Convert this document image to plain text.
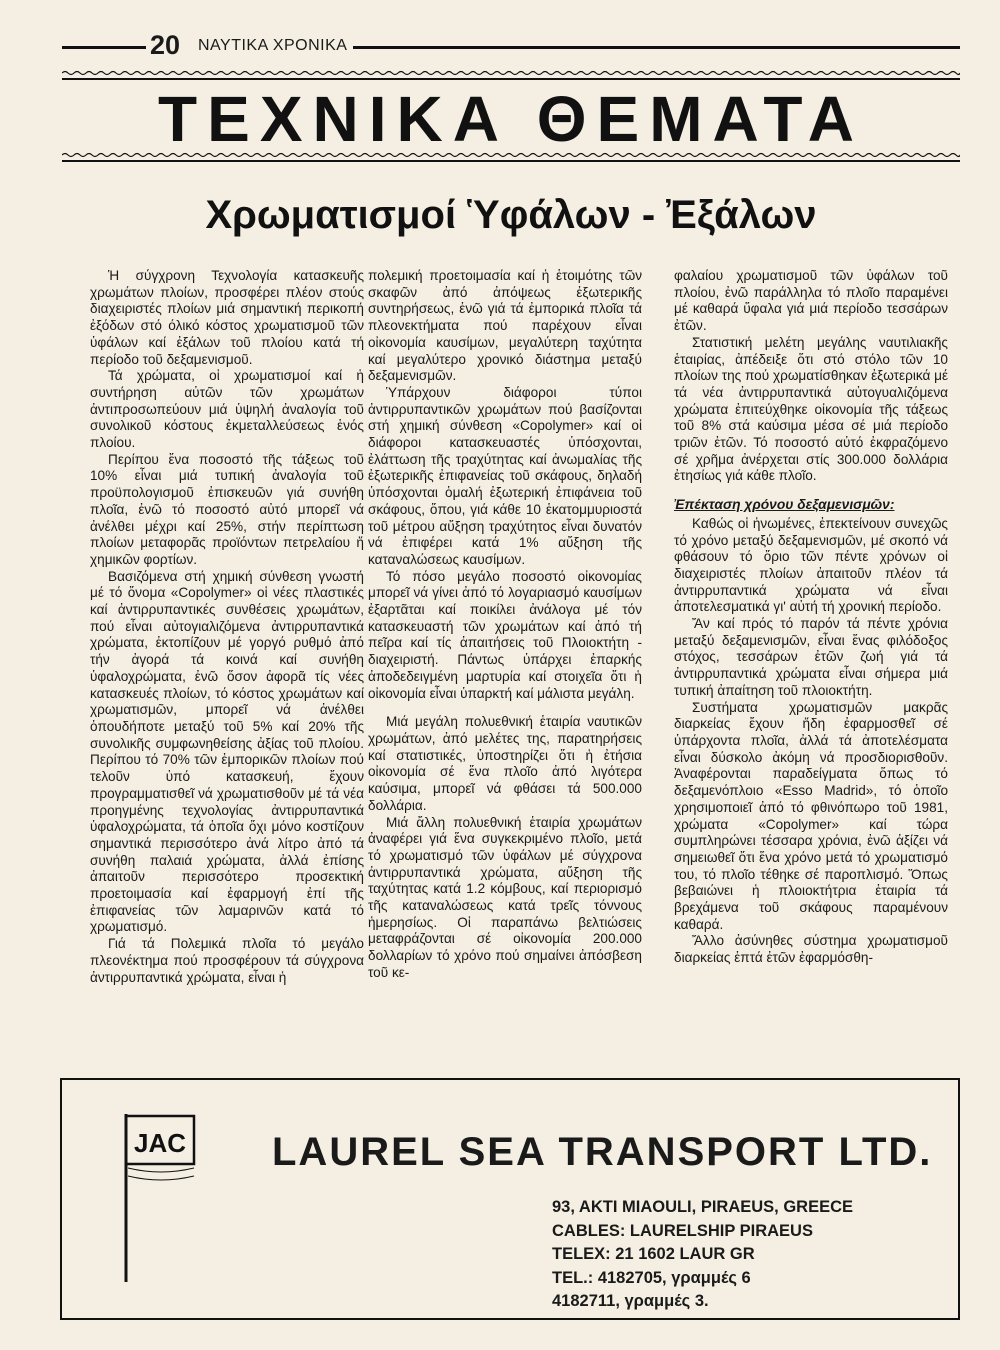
20	ΝΑΥΤΙΚΑ ΧΡΟΝΙΚΑ
ΤΕΧΝΙΚΑ ΘΕΜΑΤΑ
Χρωματισμοί Ὑφάλων - Ἐξάλων

Ἡ σύγχρονη Τεχνολογία κατασκευῆς χρωμάτων πλοίων, προσφέρει πλέον στούς διαχειριστές πλοίων μιά σημαντική περικοπή ἐξόδων στό όλικό κόστος χρωματισμοῦ τῶν ὑφάλων καί ἐξάλων τοῦ πλοίου κατά τή περίοδο τοῦ δεξαμενισμοῦ.

Τά χρώματα, οἱ χρωματισμοί καί ἡ συντήρηση αὐτῶν τῶν χρωμάτων ἀντιπροσωπεύουν μιά ὑψηλή ἀναλογία τοῦ συνολικοῦ κόστους ἐκμεταλλεύσεως ἑνός πλοίου.

Περίπου ἕνα ποσοστό τῆς τάξεως τοῦ 10% εἶναι μιά τυπική ἀναλογία τοῦ προϋπολογισμοῦ ἐπισκευῶν γιά συνήθη πλοῖα, ἐνῶ τό ποσοστό αὐτό μπορεῖ νά ἀνέλθει μέχρι καί 25%, στήν περίπτωση πλοίων μεταφορᾶς προϊόντων πετρελαίου ἤ χημικῶν φορτίων.

Βασιζόμενα στή χημική σύνθεση γνωστή μέ τό ὄνομα «Copolymer» οἱ νέες πλαστικές καί ἀντιρρυπαντικές συνθέσεις χρωμάτων, πού εἶναι αὐτογιαλιζόμενα ἀντιρρυπαντικά χρώματα, ἐκτοπίζουν μέ γοργό ρυθμό ἀπό τήν ἀγορά τά κοινά καί συνήθη ὑφαλοχρώματα, ἐνῶ ὅσον ἀφορᾶ τίς νέες κατασκευές πλοίων, τό κόστος χρωμάτων καί χρωματισμῶν, μπορεῖ νά ἀνέλθει ὁπουδήποτε μεταξύ τοῦ 5% καί 20% τῆς συνολικῆς συμφωνηθείσης ἀξίας τοῦ πλοίου. Περίπου τό 70% τῶν ἐμπορικῶν πλοίων πού τελοῦν ὑπό κατασκευή, ἔχουν προγραμματισθεῖ νά χρωματισθοῦν μέ τά νέα προηγμένης τεχνολογίας ἀντιρρυπαντικά ὑφαλοχρώματα, τά ὁποῖα ὄχι μόνο κοστίζουν σημαντικά περισσότερο ἀνά λίτρο ἀπό τά συνήθη παλαιά χρώματα, ἀλλά ἐπίσης ἀπαιτοῦν περισσότερο προσεκτική προετοιμασία καί ἐφαρμογή ἐπί τῆς ἐπιφανείας τῶν λαμαρινῶν κατά τό χρωματισμό.

Γιά τά Πολεμικά πλοῖα τό μεγάλο πλεονέκτημα πού προσφέρουν τά σύγχρονα ἀντιρρυπαντικά χρώματα, εἶναι ἡ

πολεμική προετοιμασία καί ἡ ἑτοιμότης τῶν σκαφῶν ἀπό ἀπόψεως ἐξωτερικῆς συντηρήσεως, ἐνῶ γιά τά ἐμπορικά πλοῖα τά πλεονεκτήματα πού παρέχουν εἶναι οἰκονομία καυσίμων, μεγαλύτερη ταχύτητα καί μεγαλύτερο χρονικό διάστημα μεταξύ δεξαμενισμῶν.

Ὑπάρχουν διάφοροι τύποι ἀντιρρυπαντικῶν χρωμάτων πού βασίζονται στή χημική σύνθεση «Copolymer» καί οἱ διάφοροι κατασκευαστές ὑπόσχονται, ἐλάττωση τῆς τραχύτητας καί ἀνωμαλίας τῆς ἐξωτερικῆς ἐπιφανείας τοῦ σκάφους, δηλαδή ὑπόσχονται ὁμαλή ἐξωτερική ἐπιφάνεια τοῦ σκάφους, ὅπου, γιά κάθε 10 ἑκατομμυριοστά τοῦ μέτρου αὔξηση τραχύτητος εἶναι δυνατόν νά ἐπιφέρει κατά 1% αὔξηση τῆς καταναλώσεως καυσίμων.

Τό πόσο μεγάλο ποσοστό οἰκονομίας μπορεῖ νά γίνει ἀπό τό λογαριασμό καυσίμων ἐξαρτᾶται καί ποικίλει ἀνάλογα μέ τόν κατασκευαστή τῶν χρωμάτων καί ἀπό τή πεῖρα καί τίς ἀπαιτήσεις τοῦ Πλοιοκτήτη - διαχειριστή. Πάντως ὑπάρχει ἐπαρκής ἀποδεδειγμένη μαρτυρία καί στοιχεῖα ὅτι ἡ οἰκονομία εἶναι ὑπαρκτή καί μάλιστα μεγάλη.

Μιά μεγάλη πολυεθνική ἑταιρία ναυτικῶν χρωμάτων, ἀπό μελέτες της, παρατηρήσεις καί στατιστικές, ὑποστηρίζει ὅτι ἡ ἐτήσια οἰκονομία σέ ἕνα πλοῖο ἀπό λιγότερα καύσιμα, μπορεῖ νά φθάσει τά 500.000 δολλάρια.

Μιά ἄλλη πολυεθνική ἑταιρία χρωμάτων ἀναφέρει γιά ἕνα συγκεκριμένο πλοῖο, μετά τό χρωματισμό τῶν ὑφάλων μέ σύγχρονα ἀντιρρυπαντικά χρώματα, αὔξηση τῆς ταχύτητας κατά 1.2 κόμβους, καί περιορισμό τῆς καταναλώσεως κατά τρεῖς τόννους ἡμερησίως. Οἱ παραπάνω βελτιώσεις μεταφράζονται σέ οἰκονομία 200.000 δολλαρίων τό χρόνο πού σημαίνει ἀπόσβεση τοῦ κε-

φαλαίου χρωματισμοῦ τῶν ὑφάλων τοῦ πλοίου, ἐνῶ παράλληλα τό πλοῖο παραμένει μέ καθαρά ὕφαλα γιά μιά περίοδο τεσσάρων ἐτῶν.

Στατιστική μελέτη μεγάλης ναυτιλιακῆς ἑταιρίας, ἀπέδειξε ὅτι στό στόλο τῶν 10 πλοίων της πού χρωματίσθηκαν ἐξωτερικά μέ τά νέα ἀντιρρυπαντικά αὐτογυαλιζόμενα χρώματα ἐπιτεύχθηκε οἰκονομία τῆς τάξεως τοῦ 8% στά καύσιμα μέσα σέ μιά περίοδο τριῶν ἐτῶν. Τό ποσοστό αὐτό ἐκφραζόμενο σέ χρῆμα ἀνέρχεται στίς 300.000 δολλάρια ἐτησίως γιά κάθε πλοῖο.

Ἐπέκταση χρόνου δεξαμενισμῶν:

Καθώς οἱ ἠνωμένες, ἐπεκτείνουν συνεχῶς τό χρόνο μεταξύ δεξαμενισμῶν, μέ σκοπό νά φθάσουν τό ὅριο τῶν πέντε χρόνων οἱ διαχειριστές πλοίων ἀπαιτοῦν πλέον τά ἀντιρρυπαντικά χρώματα νά εἶναι ἀποτελεσματικά γι' αὐτή τή χρονική περίοδο.

Ἄν καί πρός τό παρόν τά πέντε χρόνια μεταξύ δεξαμενισμῶν, εἶναι ἕνας φιλόδοξος στόχος, τεσσάρων ἐτῶν ζωή γιά τά ἀντιρρυπαντικά χρώματα εἶναι σήμερα μιά τυπική ἀπαίτηση τοῦ πλοιοκτήτη.

Συστήματα χρωματισμῶν μακρᾶς διαρκείας ἔχουν ἤδη ἐφαρμοσθεῖ σέ ὑπάρχοντα πλοῖα, ἀλλά τά ἀποτελέσματα εἶναι δύσκολο ἀκόμη νά προσδιορισθοῦν. Ἀναφέρονται παραδείγματα ὅπως τό δεξαμενόπλοιο «Esso Madrid», τό ὁποῖο χρησιμοποιεῖ ἀπό τό φθινόπωρο τοῦ 1981, χρώματα «Copolymer» καί τώρα συμπληρώνει τέσσαρα χρόνια, ἐνῶ ἀξίζει νά σημειωθεῖ ὅτι ἕνα χρόνο μετά τό χρωματισμό του, τό πλοῖο τέθηκε σέ παροπλισμό. Ὅπως βεβαιώνει ἡ πλοιοκτήτρια ἑταιρία τά βρεχάμενα τοῦ σκάφους παραμένουν καθαρά.

Ἄλλο ἀσύνηθες σύστημα χρωματισμοῦ διαρκείας ἑπτά ἐτῶν ἐφαρμόσθη-

JAC LAUREL SEA TRANSPORT LTD.
93, AKTI MIAOULI, PIRAEUS, GREECE
CABLES: LAURELSHIP PIRAEUS
TELEX: 21 1602 LAUR GR
TEL.: 4182705, γραμμές 6
4182711, γραμμές 3.
